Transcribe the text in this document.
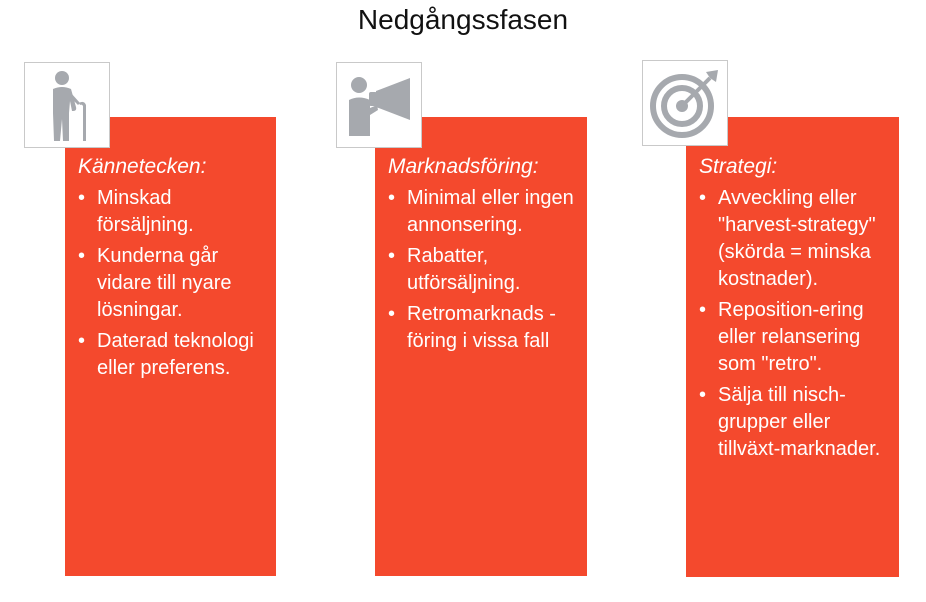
Nedgångssfasen
Kännetecken:
• Minskad försäljning.
• Kunderna går vidare till nyare lösningar.
• Daterad teknologi eller preferens.
Marknadsföring:
• Minimal eller ingen annonsering.
• Rabatter, utförsäljning.
• Retromarknads -föring i vissa fall
Strategi:
• Avveckling eller "harvest-strategy" (skörda = minska kostnader).
• Reposition-ering eller relansering som "retro".
• Sälja till nisch-grupper eller tillväxt-marknader.
